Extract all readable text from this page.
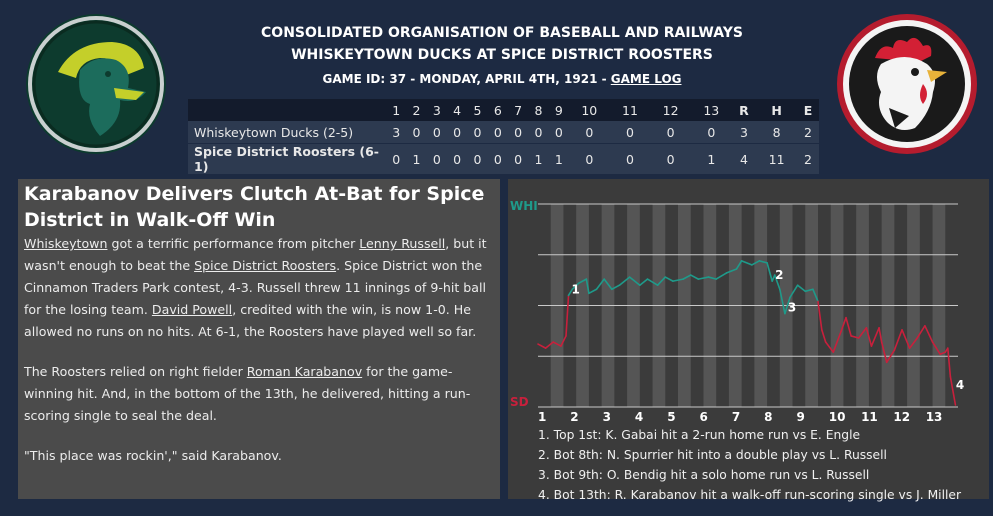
CONSOLIDATED ORGANISATION OF BASEBALL AND RAILWAYS
WHISKEYTOWN DUCKS AT SPICE DISTRICT ROOSTERS
GAME ID: 37 - MONDAY, APRIL 4TH, 1921 - GAME LOG
	1	2	3	4	5	6	7	8	9	10	11	12	13	R	H	E
Whiskeytown Ducks (2-5)	3	0	0	0	0	0	0	0	0	0	0	0	0	3	8	2
Spice District Roosters (6-1)	0	1	0	0	0	0	0	1	1	0	0	0	1	4	11	2
Karabanov Delivers Clutch At-Bat for Spice District in Walk-Off Win

Whiskeytown got a terrific performance from pitcher Lenny Russell, but it wasn't enough to beat the Spice District Roosters. Spice District won the Cinnamon Traders Park contest, 4-3. Russell threw 11 innings of 9-hit ball for the losing team. David Powell, credited with the win, is now 1-0. He allowed no runs on no hits. At 6-1, the Roosters have played well so far.

The Roosters relied on right fielder Roman Karabanov for the game-winning hit. And, in the bottom of the 13th, he delivered, hitting a run-scoring single to seal the deal.

"This place was rockin'," said Karabanov.

WHI
SD
1
2
3
4
1 2 3 4 5 6 7 8 9 10 11 12 13
1. Top 1st: K. Gabai hit a 2-run home run vs E. Engle
2. Bot 8th: N. Spurrier hit into a double play vs L. Russell
3. Bot 9th: O. Bendig hit a solo home run vs L. Russell
4. Bot 13th: R. Karabanov hit a walk-off run-scoring single vs J. Miller
